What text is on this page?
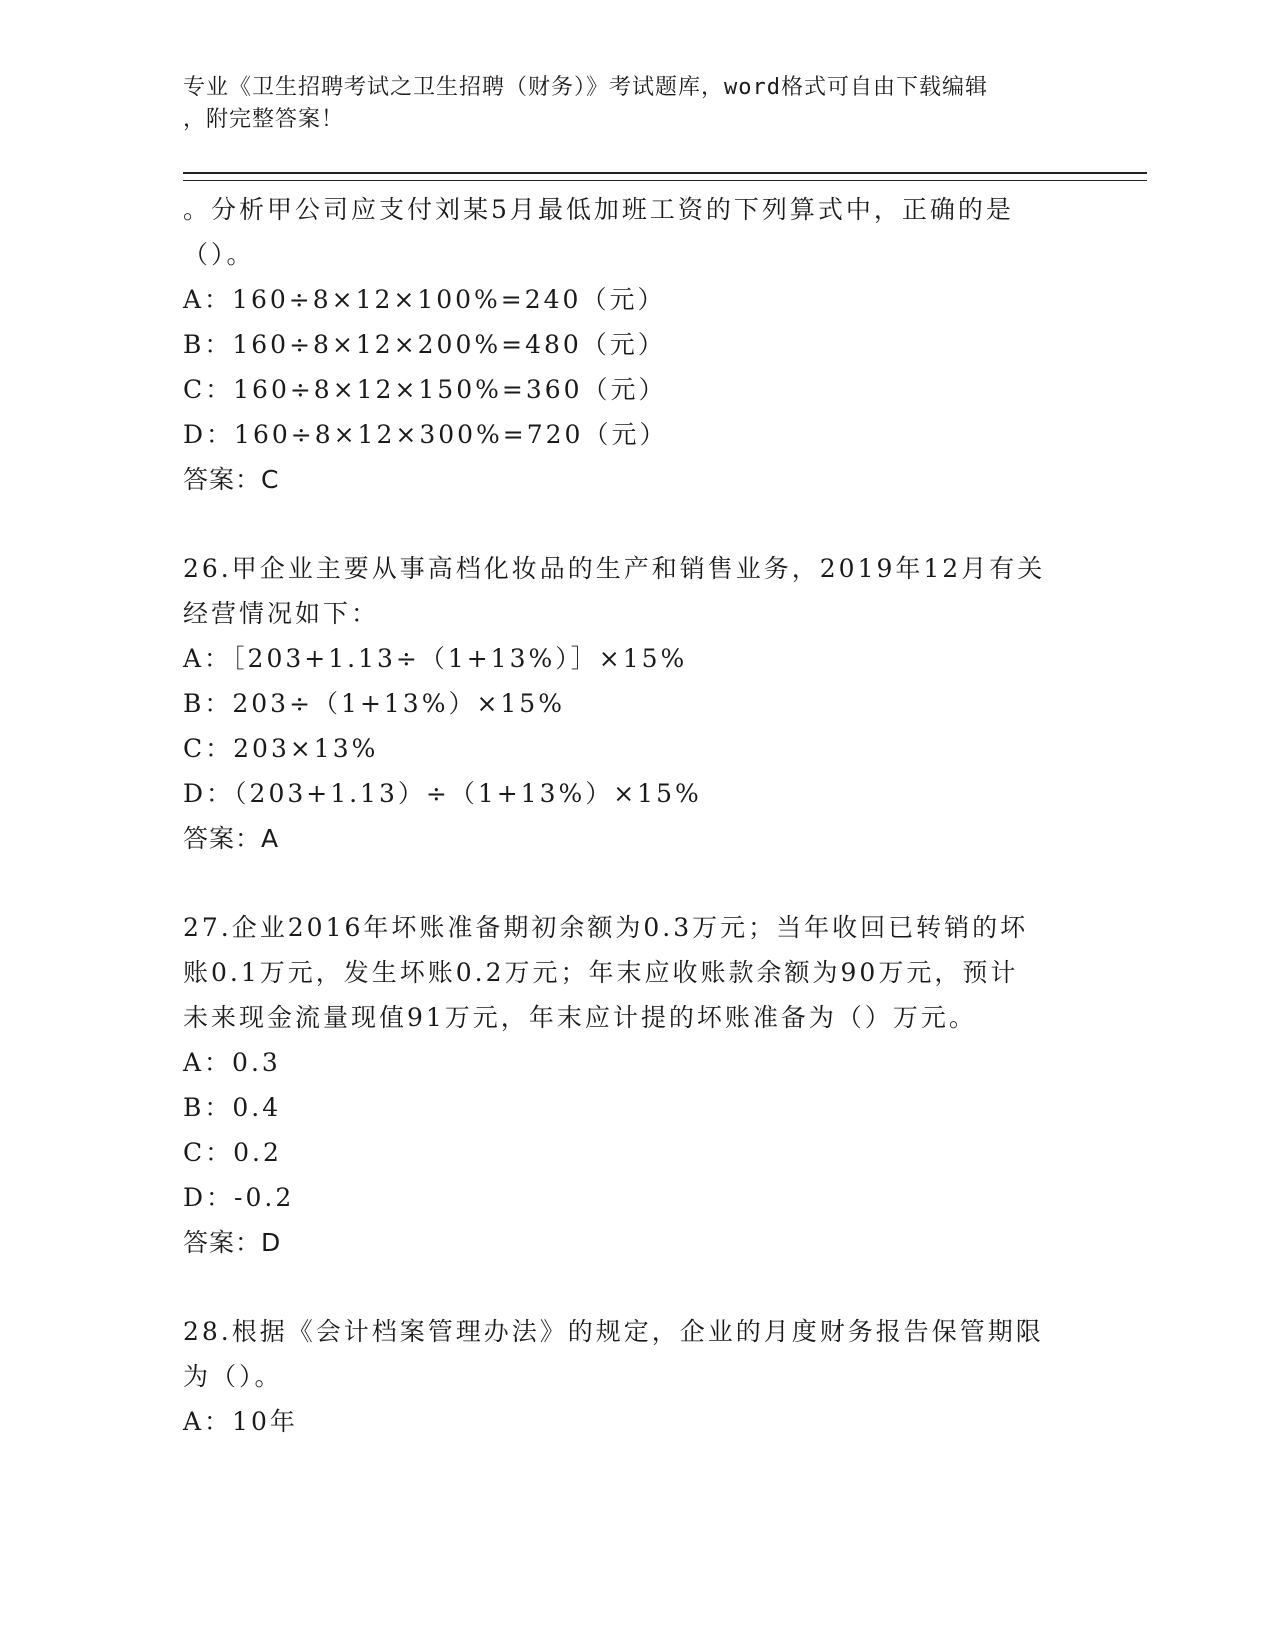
专业《卫生招聘考试之卫生招聘（财务）》考试题库，word格式可自由下载编辑
，附完整答案！
。分析甲公司应支付刘某5月最低加班工资的下列算式中，正确的是
（）。
A：160÷8×12×100%=240（元）
B：160÷8×12×200%=480（元）
C：160÷8×12×150%=360（元）
D：160÷8×12×300%=720（元）
答案：C
26.甲企业主要从事高档化妆品的生产和销售业务，2019年12月有关
经营情况如下：
A：［203+1.13÷（1+13%）］×15%
B：203÷（1+13%）×15%
C：203×13%
D：（203+1.13）÷（1+13%）×15%
答案：A
27.企业2016年坏账准备期初余额为0.3万元；当年收回已转销的坏
账0.1万元，发生坏账0.2万元；年末应收账款余额为90万元，预计
未来现金流量现值91万元，年末应计提的坏账准备为（）万元。
A：0.3
B：0.4
C：0.2
D：-0.2
答案：D
28.根据《会计档案管理办法》的规定，企业的月度财务报告保管期限
为（）。
A：10年
